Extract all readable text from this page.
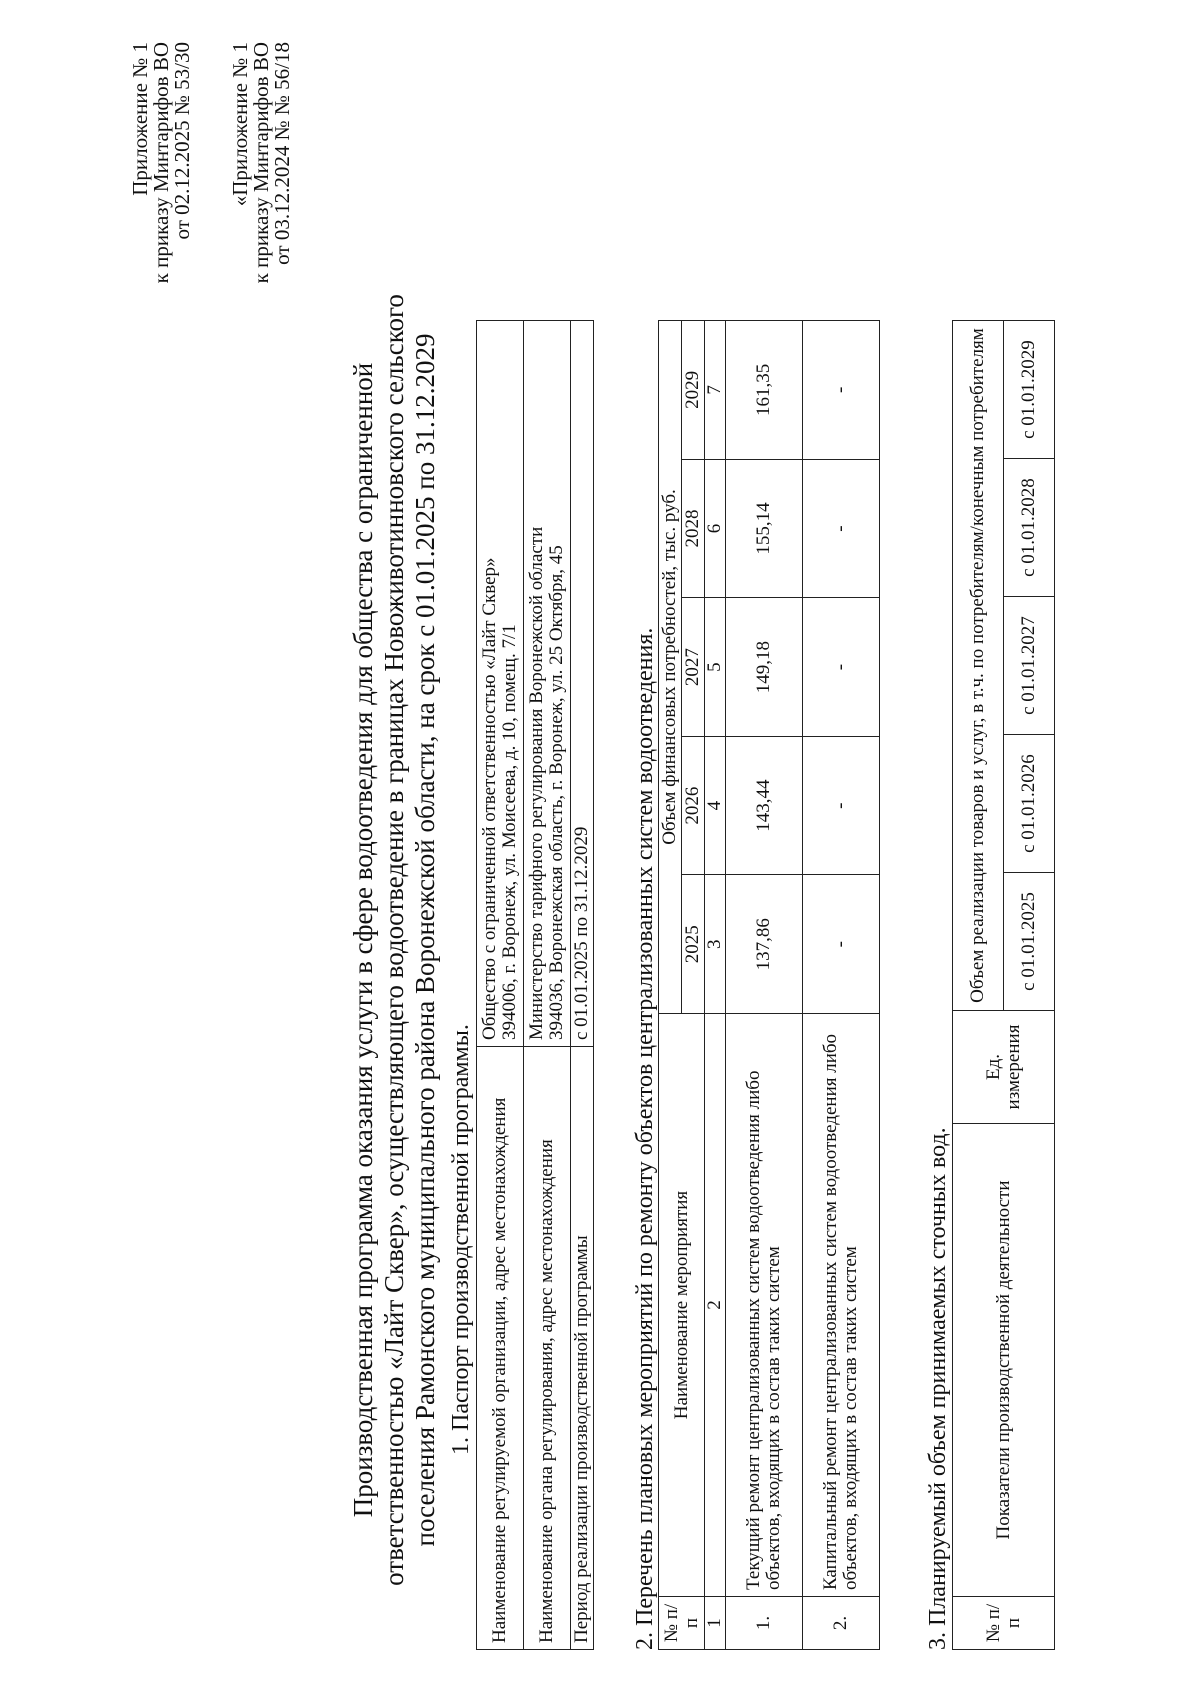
Приложение № 1
к приказу Минтарифов ВО
от 02.12.2025 № 53/30 «Приложение № 1
к приказу Минтарифов ВО
от 03.12.2024 № № 56/18
Производственная программа оказания услуги в сфере водоотведения для общества с ограниченной ответственностью «Лайт Сквер», осуществляющего водоотведение в границах Новоживотинновского сельского поселения Рамонского муниципального района Воронежской области, на срок с 01.01.2025 по 31.12.2029 1. Паспорт производственной программы. Наименование регулируемой организации, адрес местонахождения	Общество с ограниченной ответственностью «Лайт Сквер» 394006, г. Воронеж, ул. Моисеева, д. 10, помещ. 7/1

Наименование органа регулирования, адрес местонахождения	Министерство тарифного регулирования Воронежской области 394036, Воронежская область, г. Воронеж, ул. 25 Октября, 45

Период реализации производственной программы	с 01.01.2025 по 31.12.2029 2. Перечень плановых мероприятий по ремонту объектов централизованных систем водоотведения. № п/п	Наименование мероприятия	Объем финансовых потребностей, тыс. руб.				
		2025	2026	2027	2028	2029
1	2	3	4	5	6	7
1.	Текущий ремонт централизованных систем водоотведения либо объектов, входящих в состав таких систем	137,86	143,44	149,18	155,14	161,35
2.	Капитальный ремонт централизованных систем водоотведения либо объектов, входящих в состав таких систем	-	-	-	-	-
3. Планируемый объем принимаемых сточных вод. № п/п	Показатели производственной деятельности	Ед. измерения	Объем реализации товаров и услуг, в т.ч. по потребителям/конечным потребителям				
			с 01.01.2025	с 01.01.2026	с 01.01.2027	с 01.01.2028	с 01.01.2029
